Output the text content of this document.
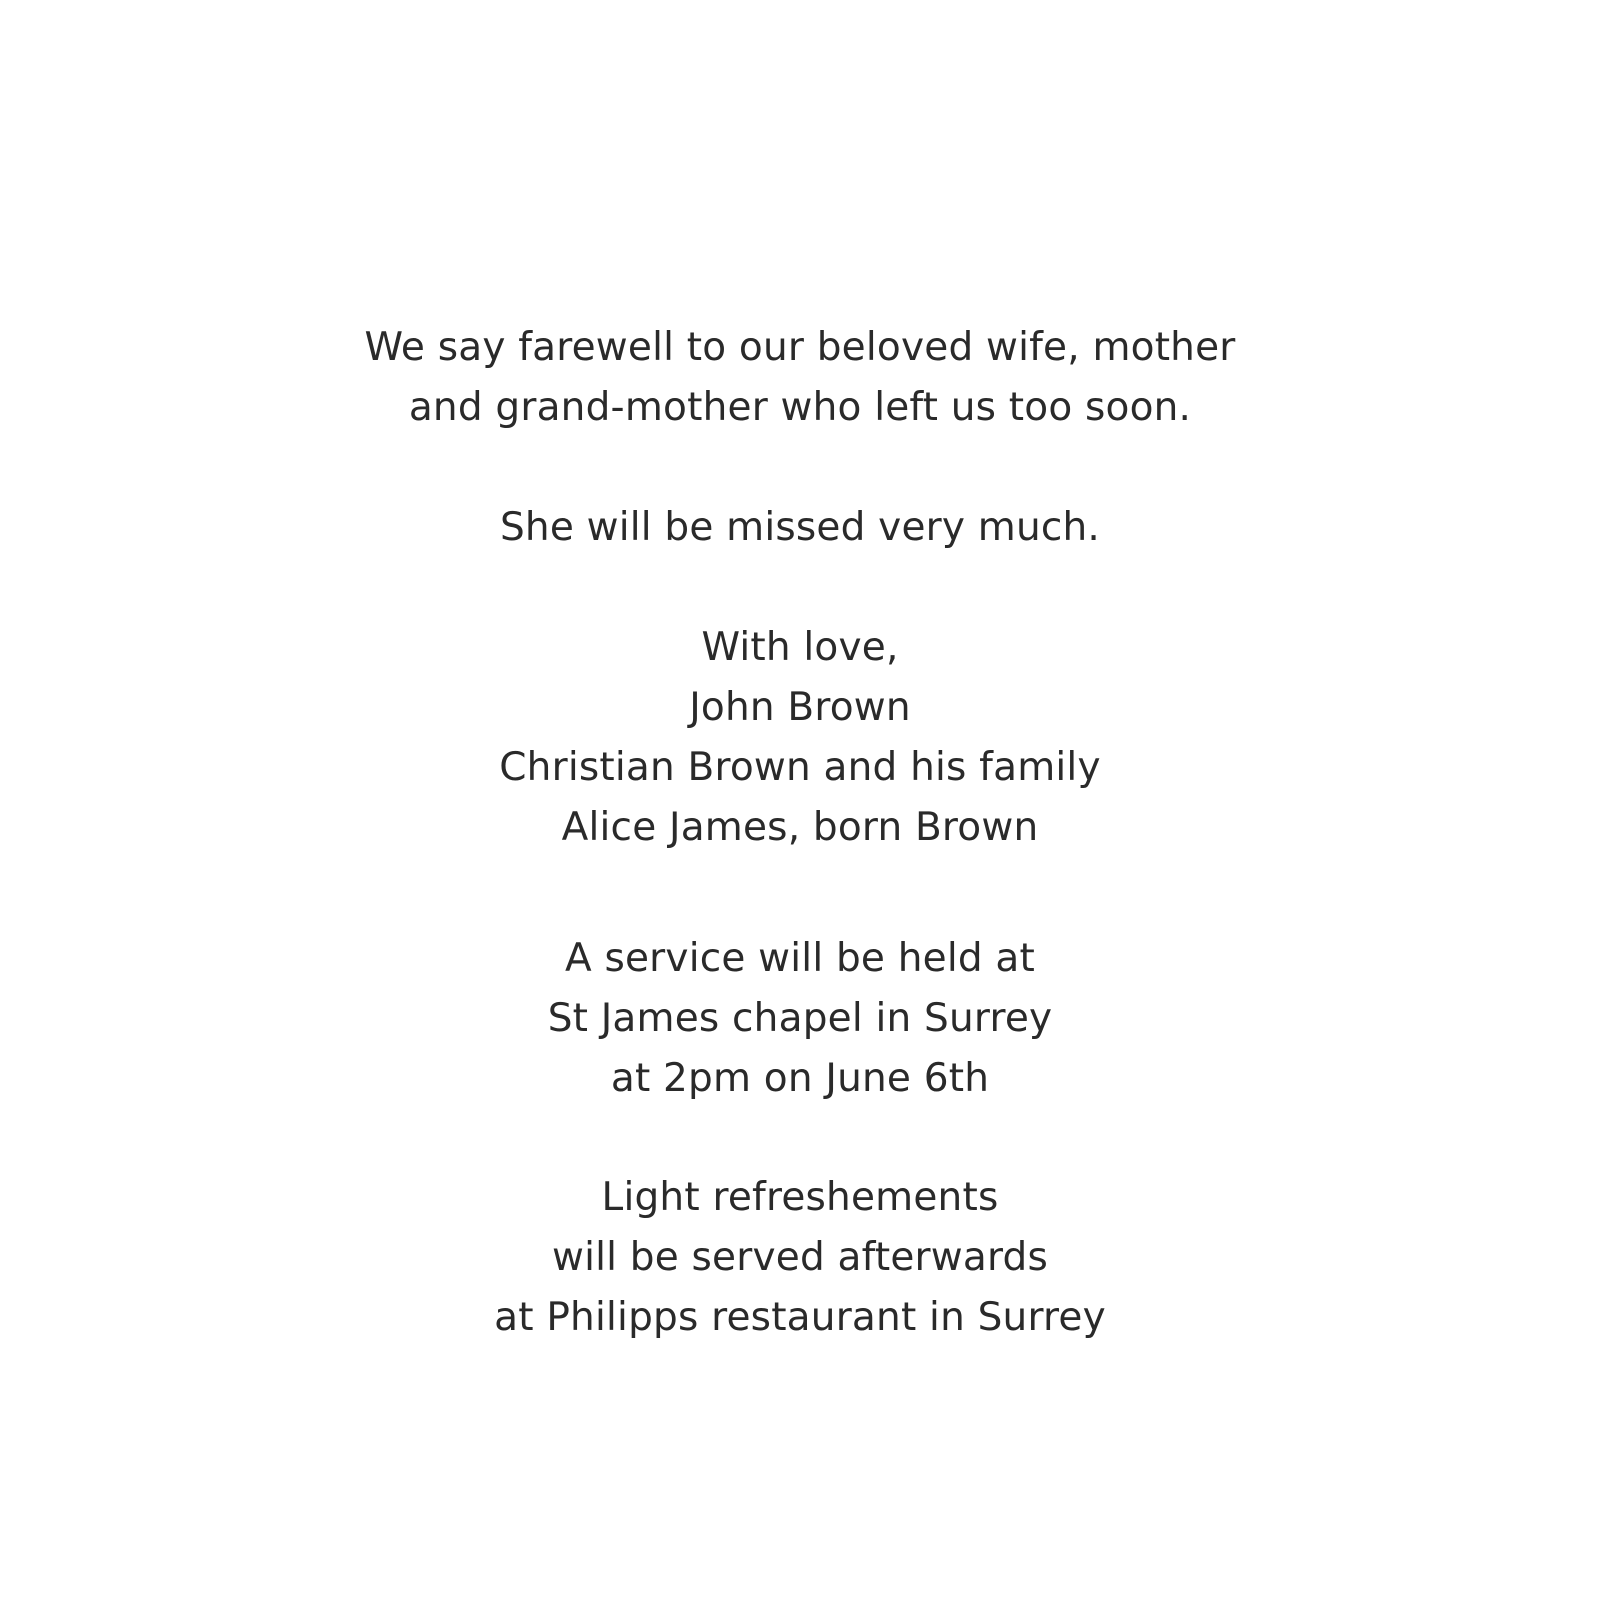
We say farewell to our beloved wife, mother
and grand-mother who left us too soon.
She will be missed very much.
With love,
John Brown
Christian Brown and his family
Alice James, born Brown
A service will be held at
St James chapel in Surrey
at 2pm on June 6th
Light refreshements
will be served afterwards
at Philipps restaurant in Surrey
